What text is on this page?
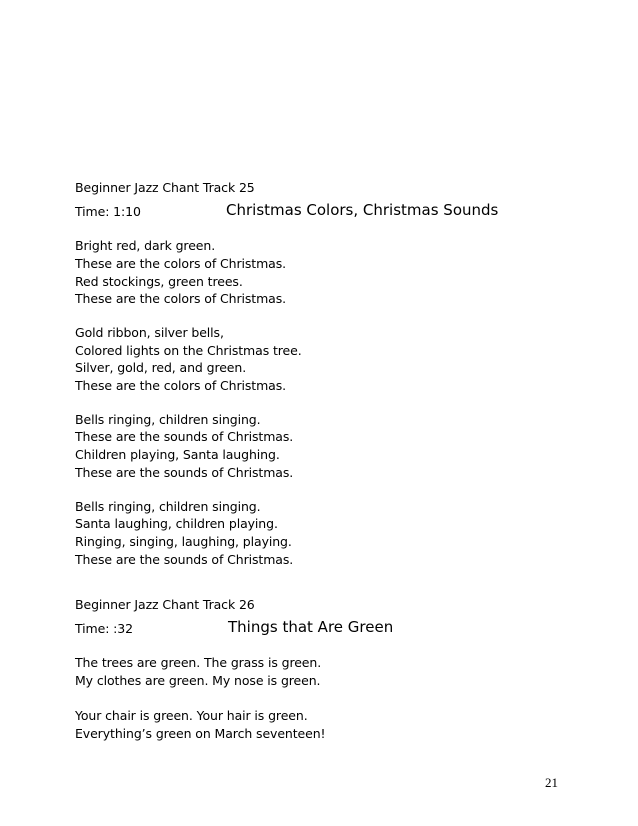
Beginner Jazz Chant Track 25
Time: 1:10	Christmas Colors, Christmas Sounds
Bright red, dark green.
These are the colors of Christmas.
Red stockings, green trees.
These are the colors of Christmas.
Gold ribbon, silver bells,
Colored lights on the Christmas tree.
Silver, gold, red, and green.
These are the colors of Christmas.
Bells ringing, children singing.
These are the sounds of Christmas.
Children playing, Santa laughing.
These are the sounds of Christmas.
Bells ringing, children singing.
Santa laughing, children playing.
Ringing, singing, laughing, playing.
These are the sounds of Christmas.
Beginner Jazz Chant Track 26
Time: :32	Things that Are Green
The trees are green. The grass is green.
My clothes are green. My nose is green.
Your chair is green. Your hair is green.
Everything’s green on March seventeen!
21
